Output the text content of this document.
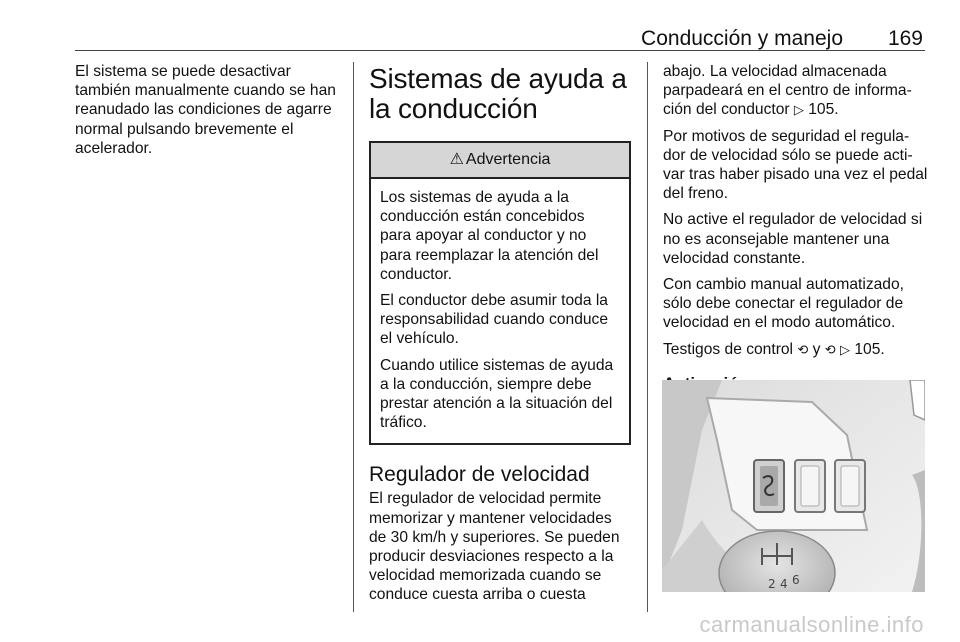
Conducción y manejo 169

El sistema se puede desactivar también manualmente cuando se han reanudado las condiciones de agarre normal pulsando brevemente el acelerador.

Sistemas de ayuda a la conducción
⚠ Advertencia

Los sistemas de ayuda a la conducción están concebidos para apoyar al conductor y no para reemplazar la atención del conductor.

El conductor debe asumir toda la responsabilidad cuando conduce el vehículo.

Cuando utilice sistemas de ayuda a la conducción, siempre debe prestar atención a la situación del tráfico.

Regulador de velocidad

El regulador de velocidad permite memorizar y mantener velocidades de 30 km/h y superiores. Se pueden producir desviaciones respecto a la velocidad memorizada cuando se conduce cuesta arriba o cuesta

abajo. La velocidad almacenada parpadeará en el centro de informa-ción del conductor ▷ 105.

Por motivos de seguridad el regula-dor de velocidad sólo se puede acti-var tras haber pisado una vez el pedal del freno.

No active el regulador de velocidad si no es aconsejable mantener una velocidad constante.

Con cambio manual automatizado, sólo debe conectar el regulador de velocidad en el modo automático.

Testigos de control ⟲ y ⟲ ▷ 105.

2 4 6
carmanualsonline.info
